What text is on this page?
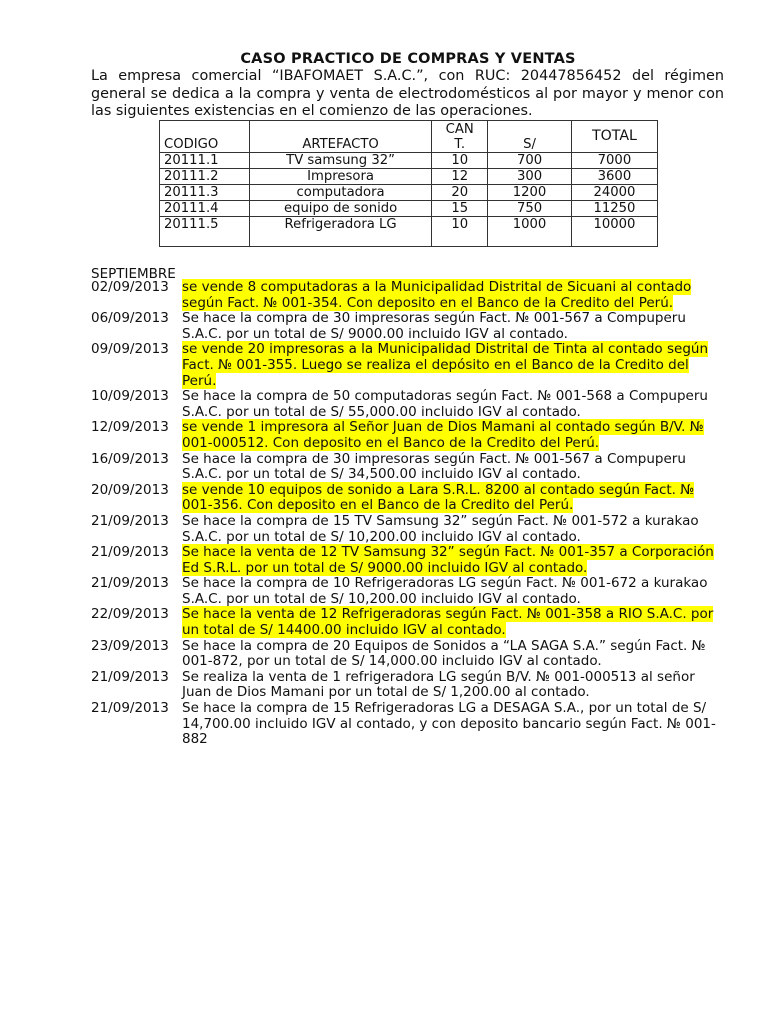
CASO PRACTICO DE COMPRAS Y VENTAS
La empresa comercial “IBAFOMAET S.A.C.”, con RUC: 20447856452 del régimen general se dedica a la compra y venta de electrodomésticos al por mayor y menor con las siguientes existencias en el comienzo de las operaciones.
CODIGO	ARTEFACTO	CANT.	S/	TOTAL
20111.1	TV samsung 32”	10	700	7000
20111.2	Impresora	12	300	3600
20111.3	computadora	20	1200	24000
20111.4	equipo de sonido	15	750	11250
20111.5	Refrigeradora LG	10	1000	10000
SEPTIEMBRE
02/09/2013 se vende 8 computadoras a la Municipalidad Distrital de Sicuani al contado según Fact. № 001-354. Con deposito en el Banco de la Credito del Perú.
06/09/2013 Se hace la compra de 30 impresoras según Fact. № 001-567 a Compuperu S.A.C. por un total de S/ 9000.00 incluido IGV al contado.
09/09/2013 se vende 20 impresoras a la Municipalidad Distrital de Tinta al contado según Fact. № 001-355. Luego se realiza el depósito en el Banco de la Credito del Perú.
10/09/2013 Se hace la compra de 50 computadoras según Fact. № 001-568 a Compuperu S.A.C. por un total de S/ 55,000.00 incluido IGV al contado.
12/09/2013 se vende 1 impresora al Señor Juan de Dios Mamani al contado según B/V. № 001-000512. Con deposito en el Banco de la Credito del Perú.
16/09/2013 Se hace la compra de 30 impresoras según Fact. № 001-567 a Compuperu S.A.C. por un total de S/ 34,500.00 incluido IGV al contado.
20/09/2013 se vende 10 equipos de sonido a Lara S.R.L. 8200 al contado según Fact. № 001-356. Con deposito en el Banco de la Credito del Perú.
21/09/2013 Se hace la compra de 15 TV Samsung 32” según Fact. № 001-572 a kurakao S.A.C. por un total de S/ 10,200.00 incluido IGV al contado.
21/09/2013 Se hace la venta de 12 TV Samsung 32” según Fact. № 001-357 a Corporación Ed S.R.L. por un total de S/ 9000.00 incluido IGV al contado.
21/09/2013 Se hace la compra de 10 Refrigeradoras LG según Fact. № 001-672 a kurakao S.A.C. por un total de S/ 10,200.00 incluido IGV al contado.
22/09/2013 Se hace la venta de 12 Refrigeradoras según Fact. № 001-358 a RIO S.A.C. por un total de S/ 14400.00 incluido IGV al contado.
23/09/2013 Se hace la compra de 20 Equipos de Sonidos a “LA SAGA S.A.” según Fact. № 001-872, por un total de S/ 14,000.00 incluido IGV al contado.
21/09/2013 Se realiza la venta de 1 refrigeradora LG según B/V. № 001-000513 al señor Juan de Dios Mamani por un total de S/ 1,200.00 al contado.
21/09/2013 Se hace la compra de 15 Refrigeradoras LG a DESAGA S.A., por un total de S/ 14,700.00 incluido IGV al contado, y con deposito bancario según Fact. № 001-882
